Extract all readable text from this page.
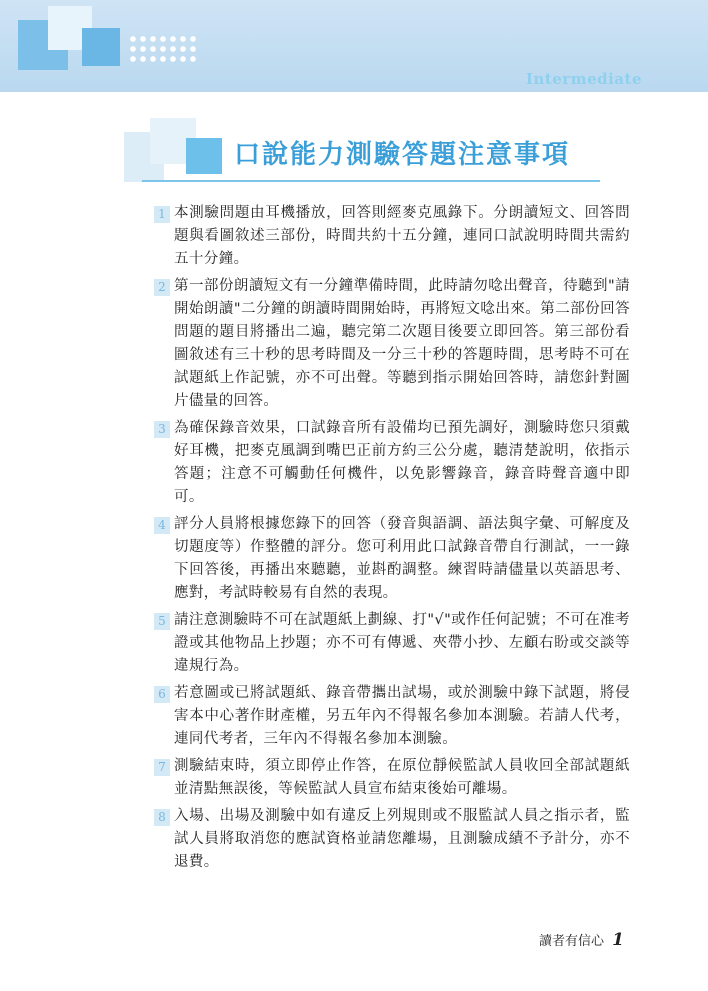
Intermediate
口說能力測驗答題注意事項
1 本測驗問題由耳機播放，回答則經麥克風錄下。分朗讀短文、回答問題與看圖敘述三部份，時間共約十五分鐘，連同口試說明時間共需約五十分鐘。
2 第一部份朗讀短文有一分鐘準備時間，此時請勿唸出聲音，待聽到"請開始朗讀"二分鐘的朗讀時間開始時，再將短文唸出來。第二部份回答問題的題目將播出二遍，聽完第二次題目後要立即回答。第三部份看圖敘述有三十秒的思考時間及一分三十秒的答題時間，思考時不可在試題紙上作記號，亦不可出聲。等聽到指示開始回答時，請您針對圖片儘量的回答。
3 為確保錄音效果，口試錄音所有設備均已預先調好，測驗時您只須戴好耳機，把麥克風調到嘴巴正前方約三公分處，聽清楚說明，依指示答題；注意不可觸動任何機件，以免影響錄音，錄音時聲音適中即可。
4 評分人員將根據您錄下的回答（發音與語調、語法與字彙、可解度及切題度等）作整體的評分。您可利用此口試錄音帶自行測試，一一錄下回答後，再播出來聽聽，並斟酌調整。練習時請儘量以英語思考、應對，考試時較易有自然的表現。
5 請注意測驗時不可在試題紙上劃線、打"√"或作任何記號；不可在准考證或其他物品上抄題；亦不可有傳遞、夾帶小抄、左顧右盼或交談等違規行為。
6 若意圖或已將試題紙、錄音帶攜出試場，或於測驗中錄下試題，將侵害本中心著作財產權，另五年內不得報名參加本測驗。若請人代考，連同代考者，三年內不得報名參加本測驗。
7 測驗結束時，須立即停止作答，在原位靜候監試人員收回全部試題紙並清點無誤後，等候監試人員宣布結束後始可離場。
8 入場、出場及測驗中如有違反上列規則或不服監試人員之指示者，監試人員將取消您的應試資格並請您離場，且測驗成績不予計分，亦不退費。
讀者有信心 1
